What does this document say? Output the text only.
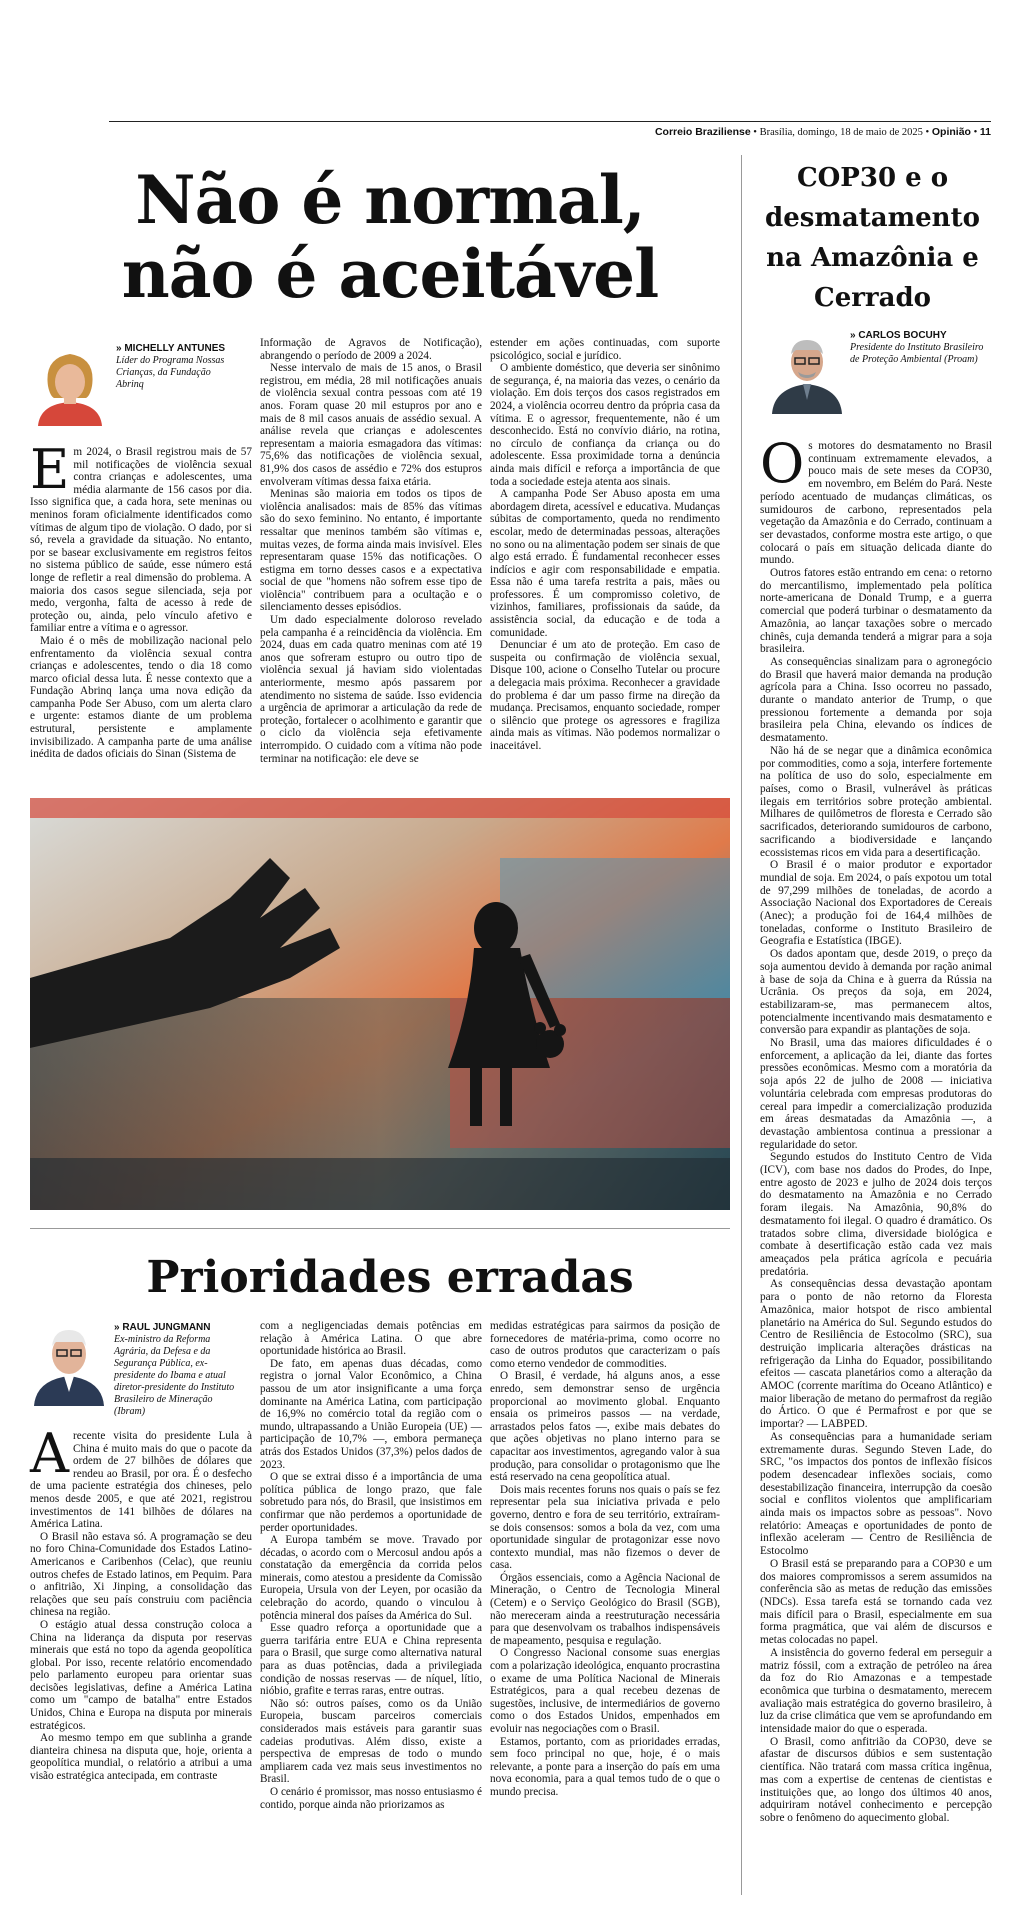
Correio Braziliense • Brasília, domingo, 18 de maio de 2025 • Opinião • 11
Não é normal, não é aceitável
» MICHELLY ANTUNES
Líder do Programa Nossas Crianças, da Fundação Abrinq
E m 2024, o Brasil registrou mais de 57 mil notificações de violência sexual contra crianças e adolescentes, uma média alarmante de 156 casos por dia. Isso significa que, a cada hora, sete meninas ou meninos foram oficialmente identificados como vítimas de algum tipo de violação. O dado, por si só, revela a gravidade da situação. No entanto, por se basear exclusivamente em registros feitos no sistema público de saúde, esse número está longe de refletir a real dimensão do problema. A maioria dos casos segue silenciada, seja por medo, vergonha, falta de acesso à rede de proteção ou, ainda, pelo vínculo afetivo e familiar entre a vítima e o agressor.

Maio é o mês de mobilização nacional pelo enfrentamento da violência sexual contra crianças e adolescentes, tendo o dia 18 como marco oficial dessa luta. É nesse contexto que a Fundação Abrinq lança uma nova edição da campanha Pode Ser Abuso, com um alerta claro e urgente: estamos diante de um problema estrutural, persistente e amplamente invisibilizado. A campanha parte de uma análise inédita de dados oficiais do Sinan (Sistema de

Informação de Agravos de Notificação), abrangendo o período de 2009 a 2024.

Nesse intervalo de mais de 15 anos, o Brasil registrou, em média, 28 mil notificações anuais de violência sexual contra pessoas com até 19 anos. Foram quase 20 mil estupros por ano e mais de 8 mil casos anuais de assédio sexual. A análise revela que crianças e adolescentes representam a maioria esmagadora das vítimas: 75,6% das notificações de violência sexual, 81,9% dos casos de assédio e 72% dos estupros envolveram vítimas dessa faixa etária.

Meninas são maioria em todos os tipos de violência analisados: mais de 85% das vítimas são do sexo feminino. No entanto, é importante ressaltar que meninos também são vítimas e, muitas vezes, de forma ainda mais invisível. Eles representaram quase 15% das notificações. O estigma em torno desses casos e a expectativa social de que "homens não sofrem esse tipo de violência" contribuem para a ocultação e o silenciamento desses episódios.

Um dado especialmente doloroso revelado pela campanha é a reincidência da violência. Em 2024, duas em cada quatro meninas com até 19 anos que sofreram estupro ou outro tipo de violência sexual já haviam sido violentadas anteriormente, mesmo após passarem por atendimento no sistema de saúde. Isso evidencia a urgência de aprimorar a articulação da rede de proteção, fortalecer o acolhimento e garantir que o ciclo da violência seja efetivamente interrompido. O cuidado com a vítima não pode terminar na notificação: ele deve se

estender em ações continuadas, com suporte psicológico, social e jurídico.

O ambiente doméstico, que deveria ser sinônimo de segurança, é, na maioria das vezes, o cenário da violação. Em dois terços dos casos registrados em 2024, a violência ocorreu dentro da própria casa da vítima. E o agressor, frequentemente, não é um desconhecido. Está no convívio diário, na rotina, no círculo de confiança da criança ou do adolescente. Essa proximidade torna a denúncia ainda mais difícil e reforça a importância de que toda a sociedade esteja atenta aos sinais.

A campanha Pode Ser Abuso aposta em uma abordagem direta, acessível e educativa. Mudanças súbitas de comportamento, queda no rendimento escolar, medo de determinadas pessoas, alterações no sono ou na alimentação podem ser sinais de que algo está errado. É fundamental reconhecer esses indícios e agir com responsabilidade e empatia. Essa não é uma tarefa restrita a pais, mães ou professores. É um compromisso coletivo, de vizinhos, familiares, profissionais da saúde, da assistência social, da educação e de toda a comunidade.

Denunciar é um ato de proteção. Em caso de suspeita ou confirmação de violência sexual, Disque 100, acione o Conselho Tutelar ou procure a delegacia mais próxima. Reconhecer a gravidade do problema é dar um passo firme na direção da mudança. Precisamos, enquanto sociedade, romper o silêncio que protege os agressores e fragiliza ainda mais as vítimas. Não podemos normalizar o inaceitável.

Prioridades erradas
» RAUL JUNGMANN
Ex-ministro da Reforma Agrária, da Defesa e da Segurança Pública, ex-presidente do Ibama e atual diretor-presidente do Instituto Brasileiro de Mineração (Ibram)
A recente visita do presidente Lula à China é muito mais do que o pacote da ordem de 27 bilhões de dólares que rendeu ao Brasil, por ora. É o desfecho de uma paciente estratégia dos chineses, pelo menos desde 2005, e que até 2021, registrou investimentos de 141 bilhões de dólares na América Latina.

O Brasil não estava só. A programação se deu no foro China-Comunidade dos Estados Latino-Americanos e Caribenhos (Celac), que reuniu outros chefes de Estado latinos, em Pequim. Para o anfitrião, Xi Jinping, a consolidação das relações que seu país construiu com paciência chinesa na região.

O estágio atual dessa construção coloca a China na liderança da disputa por reservas minerais que está no topo da agenda geopolítica global. Por isso, recente relatório encomendado pelo parlamento europeu para orientar suas decisões legislativas, define a América Latina como um "campo de batalha" entre Estados Unidos, China e Europa na disputa por minerais estratégicos.

Ao mesmo tempo em que sublinha a grande dianteira chinesa na disputa que, hoje, orienta a geopolítica mundial, o relatório a atribui a uma visão estratégica antecipada, em contraste

com a negligenciadas demais potências em relação à América Latina. O que abre oportunidade histórica ao Brasil.

De fato, em apenas duas décadas, como registra o jornal Valor Econômico, a China passou de um ator insignificante a uma força dominante na América Latina, com participação de 16,9% no comércio total da região com o mundo, ultrapassando a União Europeia (UE) — participação de 10,7% —, embora permaneça atrás dos Estados Unidos (37,3%) pelos dados de 2023.

O que se extrai disso é a importância de uma política pública de longo prazo, que fale sobretudo para nós, do Brasil, que insistimos em confirmar que não perdemos a oportunidade de perder oportunidades.

A Europa também se move. Travado por décadas, o acordo com o Mercosul andou após a constatação da emergência da corrida pelos minerais, como atestou a presidente da Comissão Europeia, Ursula von der Leyen, por ocasião da celebração do acordo, quando o vinculou à potência mineral dos países da América do Sul.

Esse quadro reforça a oportunidade que a guerra tarifária entre EUA e China representa para o Brasil, que surge como alternativa natural para as duas potências, dada a privilegiada condição de nossas reservas — de níquel, lítio, nióbio, grafite e terras raras, entre outras.

Não só: outros países, como os da União Europeia, buscam parceiros comerciais considerados mais estáveis para garantir suas cadeias produtivas. Além disso, existe a perspectiva de empresas de todo o mundo ampliarem cada vez mais seus investimentos no Brasil.

O cenário é promissor, mas nosso entusiasmo é contido, porque ainda não priorizamos as

medidas estratégicas para sairmos da posição de fornecedores de matéria-prima, como ocorre no caso de outros produtos que caracterizam o país como eterno vendedor de commodities.

O Brasil, é verdade, há alguns anos, a esse enredo, sem demonstrar senso de urgência proporcional ao movimento global. Enquanto ensaia os primeiros passos — na verdade, arrastados pelos fatos —, exibe mais debates do que ações objetivas no plano interno para se capacitar aos investimentos, agregando valor à sua produção, para consolidar o protagonismo que lhe está reservado na cena geopolítica atual.

Dois mais recentes foruns nos quais o país se fez representar pela sua iniciativa privada e pelo governo, dentro e fora de seu território, extraíram-se dois consensos: somos a bola da vez, com uma oportunidade singular de protagonizar esse novo contexto mundial, mas não fizemos o dever de casa.

Órgãos essenciais, como a Agência Nacional de Mineração, o Centro de Tecnologia Mineral (Cetem) e o Serviço Geológico do Brasil (SGB), não mereceram ainda a reestruturação necessária para que desenvolvam os trabalhos indispensáveis de mapeamento, pesquisa e regulação.

O Congresso Nacional consome suas energias com a polarização ideológica, enquanto procrastina o exame de uma Política Nacional de Minerais Estratégicos, para a qual recebeu dezenas de sugestões, inclusive, de intermediários de governo como o dos Estados Unidos, empenhados em evoluir nas negociações com o Brasil.

Estamos, portanto, com as prioridades erradas, sem foco principal no que, hoje, é o mais relevante, a ponte para a inserção do país em uma nova economia, para a qual temos tudo de o que o mundo precisa.

COP30 e o desmatamento na Amazônia e Cerrado
» CARLOS BOCUHY
Presidente do Instituto Brasileiro de Proteção Ambiental (Proam)
O s motores do desmatamento no Brasil continuam extremamente elevados, a pouco mais de sete meses da COP30, em novembro, em Belém do Pará. Neste período acentuado de mudanças climáticas, os sumidouros de carbono, representados pela vegetação da Amazônia e do Cerrado, continuam a ser devastados, conforme mostra este artigo, o que colocará o país em situação delicada diante do mundo.

Outros fatores estão entrando em cena: o retorno do mercantilismo, implementado pela política norte-americana de Donald Trump, e a guerra comercial que poderá turbinar o desmatamento da Amazônia, ao lançar taxações sobre o mercado chinês, cuja demanda tenderá a migrar para a soja brasileira.

As consequências sinalizam para o agronegócio do Brasil que haverá maior demanda na produção agrícola para a China. Isso ocorreu no passado, durante o mandato anterior de Trump, o que pressionou fortemente a demanda por soja brasileira pela China, elevando os índices de desmatamento.

Não há de se negar que a dinâmica econômica por commodities, como a soja, interfere fortemente na política de uso do solo, especialmente em países, como o Brasil, vulnerável às práticas ilegais em territórios sobre proteção ambiental. Milhares de quilômetros de floresta e Cerrado são sacrificados, deteriorando sumidouros de carbono, sacrificando a biodiversidade e lançando ecossistemas ricos em vida para a desertificação.

O Brasil é o maior produtor e exportador mundial de soja. Em 2024, o país expotou um total de 97,299 milhões de toneladas, de acordo a Associação Nacional dos Exportadores de Cereais (Anec); a produção foi de 164,4 milhões de toneladas, conforme o Instituto Brasileiro de Geografia e Estatística (IBGE).

Os dados apontam que, desde 2019, o preço da soja aumentou devido à demanda por ração animal à base de soja da China e à guerra da Rússia na Ucrânia. Os preços da soja, em 2024, estabilizaram-se, mas permanecem altos, potencialmente incentivando mais desmatamento e conversão para expandir as plantações de soja.

No Brasil, uma das maiores dificuldades é o enforcement, a aplicação da lei, diante das fortes pressões econômicas. Mesmo com a moratória da soja após 22 de julho de 2008 — iniciativa voluntária celebrada com empresas produtoras do cereal para impedir a comercialização produzida em áreas desmatadas da Amazônia —, a devastação ambientosa continua a pressionar a regularidade do setor.

Segundo estudos do Instituto Centro de Vida (ICV), com base nos dados do Prodes, do Inpe, entre agosto de 2023 e julho de 2024 dois terços do desmatamento na Amazônia e no Cerrado foram ilegais. Na Amazônia, 90,8% do desmatamento foi ilegal. O quadro é dramático. Os tratados sobre clima, diversidade biológica e combate à desertificação estão cada vez mais ameaçados pela prática agrícola e pecuária predatória.

As consequências dessa devastação apontam para o ponto de não retorno da Floresta Amazônica, maior hotspot de risco ambiental planetário na América do Sul. Segundo estudos do Centro de Resiliência de Estocolmo (SRC), sua destruição implicaria alterações drásticas na refrigeração da Linha do Equador, possibilitando efeitos — cascata planetários como a alteração da AMOC (corrente marítima do Oceano Atlântico) e maior liberação de metano do permafrost da região do Ártico. O que é Permafrost e por que se importar? — LABPED.

As consequências para a humanidade seriam extremamente duras. Segundo Steven Lade, do SRC, "os impactos dos pontos de inflexão físicos podem desencadear inflexões sociais, como desestabilização financeira, interrupção da coesão social e conflitos violentos que amplificariam ainda mais os impactos sobre as pessoas". Novo relatório: Ameaças e oportunidades de ponto de inflexão aceleram — Centro de Resiliência de Estocolmo

O Brasil está se preparando para a COP30 e um dos maiores compromissos a serem assumidos na conferência são as metas de redução das emissões (NDCs). Essa tarefa está se tornando cada vez mais difícil para o Brasil, especialmente em sua forma pragmática, que vai além de discursos e metas colocadas no papel.

A insistência do governo federal em perseguir a matriz fóssil, com a extração de petróleo na área da foz do Rio Amazonas e a tempestade econômica que turbina o desmatamento, merecem avaliação mais estratégica do governo brasileiro, à luz da crise climática que vem se aprofundando em intensidade maior do que o esperada.

O Brasil, como anfitrião da COP30, deve se afastar de discursos dúbios e sem sustentação científica. Não tratará com massa crítica ingênua, mas com a expertise de centenas de cientistas e instituições que, ao longo dos últimos 40 anos, adquiriram notável conhecimento e percepção sobre o fenômeno do aquecimento global.
